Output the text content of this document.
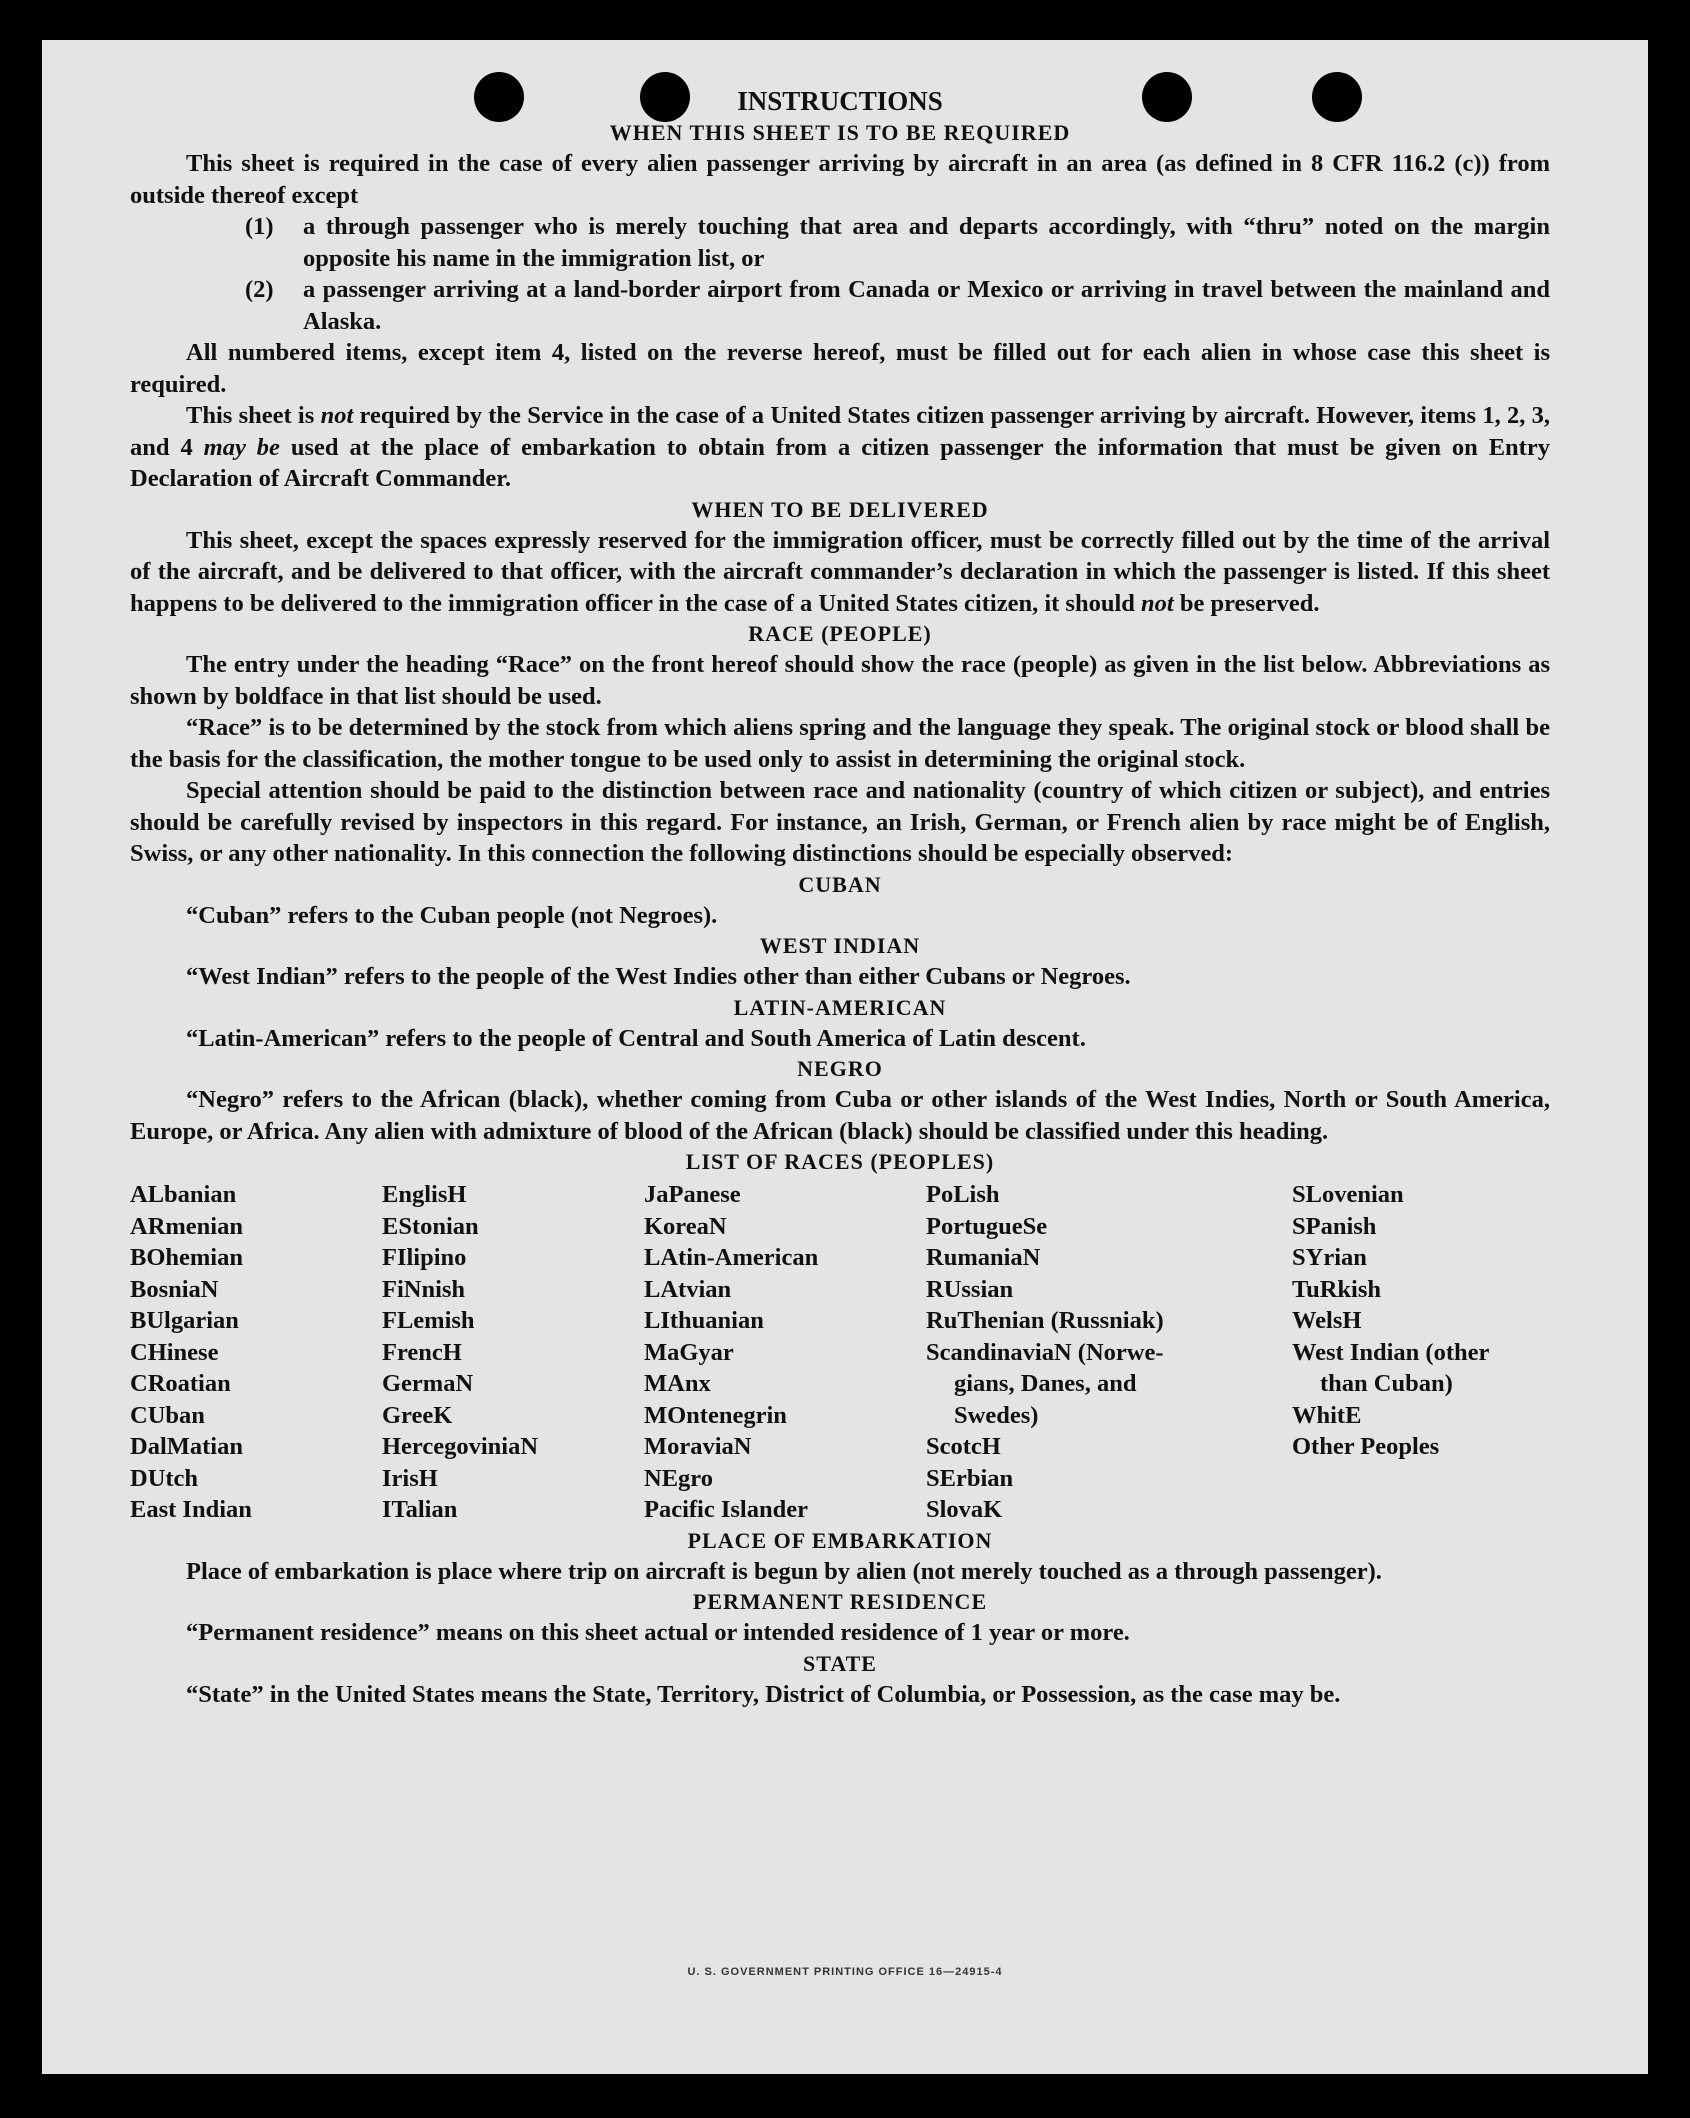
INSTRUCTIONS
WHEN THIS SHEET IS TO BE REQUIRED
This sheet is required in the case of every alien passenger arriving by aircraft in an area (as defined in 8 CFR 116.2 (c)) from outside thereof except
(1)	a through passenger who is merely touching that area and departs accordingly, with “thru” noted on the margin opposite his name in the immigration list, or
(2)	a passenger arriving at a land-border airport from Canada or Mexico or arriving in travel between the mainland and Alaska.
All numbered items, except item 4, listed on the reverse hereof, must be filled out for each alien in whose case this sheet is required.
This sheet is not required by the Service in the case of a United States citizen passenger arriving by aircraft. However, items 1, 2, 3, and 4 may be used at the place of embarkation to obtain from a citizen passenger the information that must be given on Entry Declaration of Aircraft Commander.
WHEN TO BE DELIVERED
This sheet, except the spaces expressly reserved for the immigration officer, must be correctly filled out by the time of the arrival of the aircraft, and be delivered to that officer, with the aircraft commander’s declaration in which the passenger is listed. If this sheet happens to be delivered to the immigration officer in the case of a United States citizen, it should not be preserved.
RACE (PEOPLE)
The entry under the heading “Race” on the front hereof should show the race (people) as given in the list below. Abbreviations as shown by boldface in that list should be used.
“Race” is to be determined by the stock from which aliens spring and the language they speak. The original stock or blood shall be the basis for the classification, the mother tongue to be used only to assist in determining the original stock.
Special attention should be paid to the distinction between race and nationality (country of which citizen or subject), and entries should be carefully revised by inspectors in this regard. For instance, an Irish, German, or French alien by race might be of English, Swiss, or any other nationality. In this connection the following distinctions should be especially observed:
CUBAN
“Cuban” refers to the Cuban people (not Negroes).
WEST INDIAN
“West Indian” refers to the people of the West Indies other than either Cubans or Negroes.
LATIN-AMERICAN
“Latin-American” refers to the people of Central and South America of Latin descent.
NEGRO
“Negro” refers to the African (black), whether coming from Cuba or other islands of the West Indies, North or South America, Europe, or Africa. Any alien with admixture of blood of the African (black) should be classified under this heading.
LIST OF RACES (PEOPLES)
ALbanian
ARmenian
BOhemian
BosniaN
BUlgarian
CHinese
CRoatian
CUban
DalMatian
DUtch
East Indian
EnglisH
EStonian
FIlipino
FiNnish
FLemish
FrencH
GermaN
GreeK
HercegoviniaN
IrisH
ITalian
JaPanese
KoreaN
LAtin-American
LAtvian
LIthuanian
MaGyar
MAnx
MOntenegrin
MoraviaN
NEgro
Pacific Islander
PoLish
PortugueSe
RumaniaN
RUssian
RuThenian (Russniak)
ScandinaviaN (Norwe-
gians, Danes, and
Swedes)
ScotcH
SErbian
SlovaK
SLovenian
SPanish
SYrian
TuRkish
WelsH
West Indian (other
than Cuban)
WhitE
Other Peoples
PLACE OF EMBARKATION
Place of embarkation is place where trip on aircraft is begun by alien (not merely touched as a through passenger).
PERMANENT RESIDENCE
“Permanent residence” means on this sheet actual or intended residence of 1 year or more.
STATE
“State” in the United States means the State, Territory, District of Columbia, or Possession, as the case may be.
U. S. GOVERNMENT PRINTING OFFICE 16—24915-4
